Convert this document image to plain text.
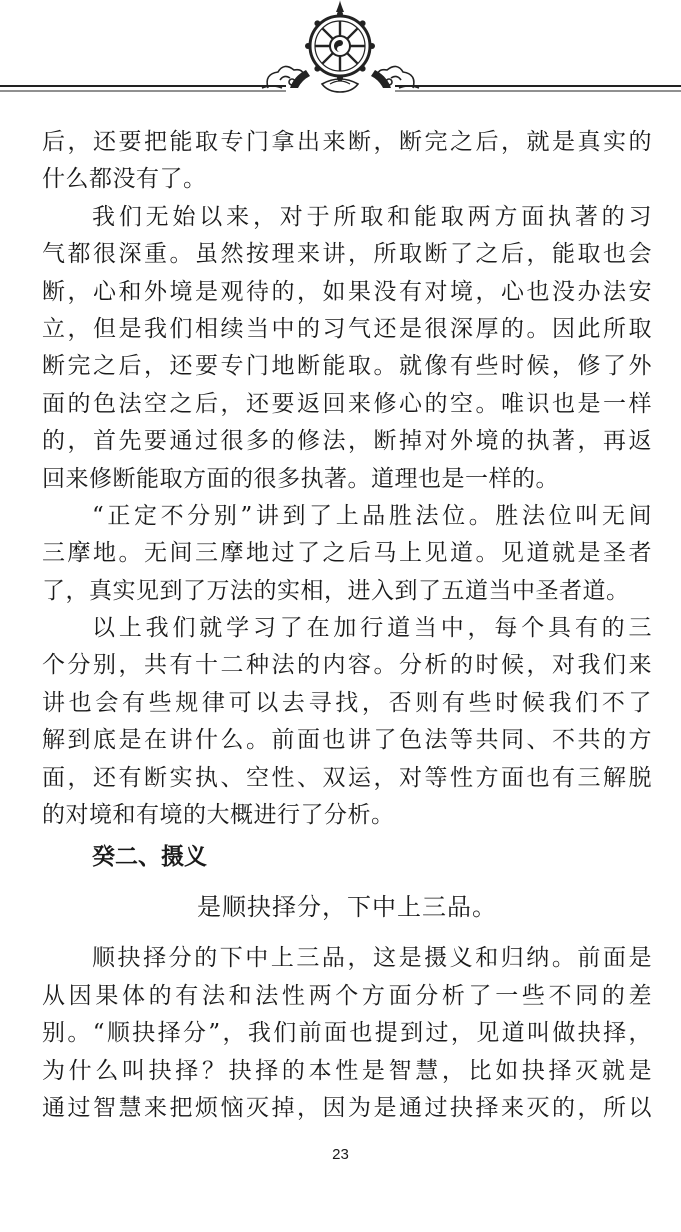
后，还要把能取专门拿出来断，断完之后，就是真实的
什么都没有了。
我们无始以来，对于所取和能取两方面执著的习
气都很深重。虽然按理来讲，所取断了之后，能取也会
断，心和外境是观待的，如果没有对境，心也没办法安
立，但是我们相续当中的习气还是很深厚的。因此所取
断完之后，还要专门地断能取。就像有些时候，修了外
面的色法空之后，还要返回来修心的空。唯识也是一样
的，首先要通过很多的修法，断掉对外境的执著，再返
回来修断能取方面的很多执著。道理也是一样的。
“正定不分别”讲到了上品胜法位。胜法位叫无间
三摩地。无间三摩地过了之后马上见道。见道就是圣者
了，真实见到了万法的实相，进入到了五道当中圣者道。
以上我们就学习了在加行道当中，每个具有的三
个分别，共有十二种法的内容。分析的时候，对我们来
讲也会有些规律可以去寻找，否则有些时候我们不了
解到底是在讲什么。前面也讲了色法等共同、不共的方
面，还有断实执、空性、双运，对等性方面也有三解脱
的对境和有境的大概进行了分析。
癸二、摄义
是顺抉择分，下中上三品。
顺抉择分的下中上三品，这是摄义和归纳。前面是
从因果体的有法和法性两个方面分析了一些不同的差
别。“顺抉择分”，我们前面也提到过，见道叫做抉择，
为什么叫抉择？抉择的本性是智慧，比如抉择灭就是
通过智慧来把烦恼灭掉，因为是通过抉择来灭的，所以
23
